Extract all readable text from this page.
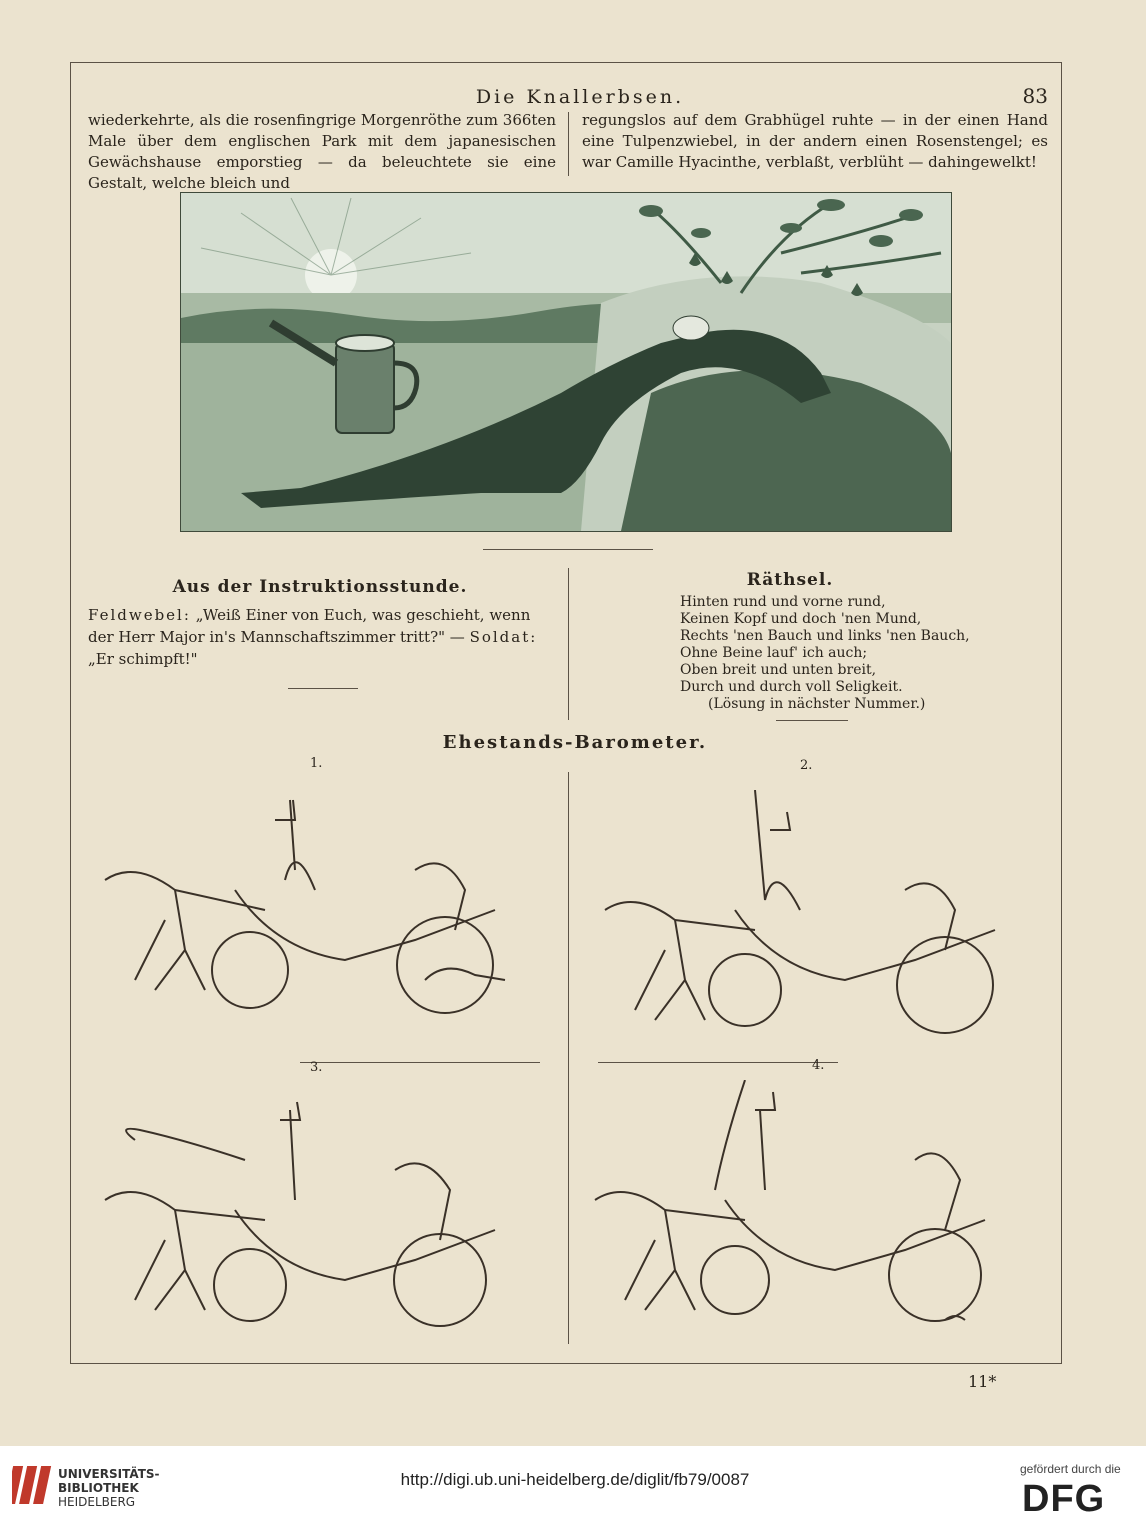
Die Knallerbsen.	83
wiederkehrte, als die rosenfingrige Morgenröthe zum 366ten Male über dem englischen Park mit dem japanesischen Gewächshause emporstieg — da beleuchtete sie eine Gestalt, welche bleich und
regungslos auf dem Grabhügel ruhte — in der einen Hand eine Tulpenzwiebel, in der andern einen Rosenstengel; es war Camille Hyacinthe, verblaßt, verblüht — dahingewelkt!
Aus der Instruktionsstunde.
Feldwebel: „Weiß Einer von Euch, was geschieht, wenn der Herr Major in's Mannschaftszimmer tritt?" — Soldat: „Er schimpft!"
Räthsel.
Hinten rund und vorne rund,
Keinen Kopf und doch 'nen Mund,
Rechts 'nen Bauch und links 'nen Bauch,
Ohne Beine lauf' ich auch;
Oben breit und unten breit,
Durch und durch voll Seligkeit.
(Lösung in nächster Nummer.)
Ehestands-Barometer.
1.	2.
3.	4.
11*
UNIVERSITÄTS-
BIBLIOTHEK
HEIDELBERG
http://digi.ub.uni-heidelberg.de/diglit/fb79/0087
gefördert durch die
DFG
